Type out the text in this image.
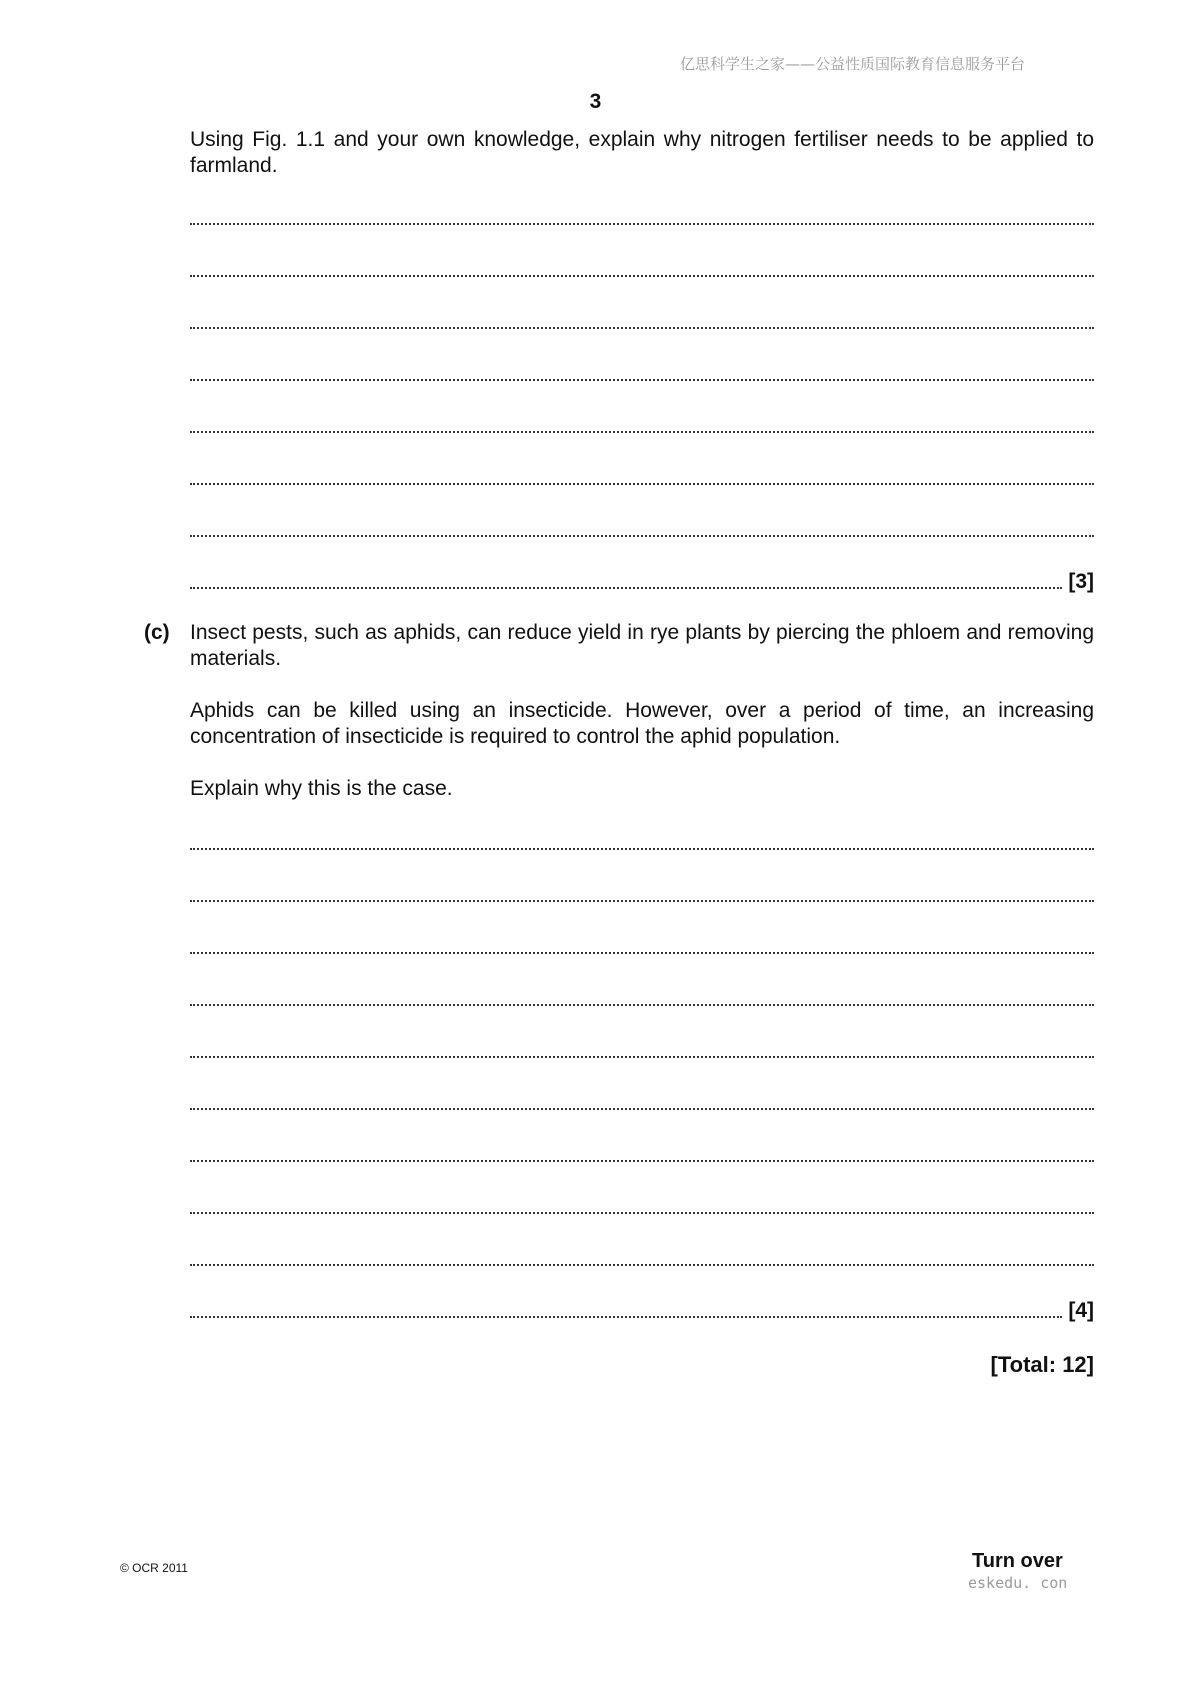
亿思科学生之家——公益性质国际教育信息服务平台
3

Using Fig. 1.1 and your own knowledge, explain why nitrogen fertiliser needs to be applied to farmland.

[3]
(c) Insect pests, such as aphids, can reduce yield in rye plants by piercing the phloem and removing materials.

Aphids can be killed using an insecticide. However, over a period of time, an increasing concentration of insecticide is required to control the aphid population.

Explain why this is the case.

[4]
[Total: 12]
© OCR 2011	Turn over
eskedu. con
